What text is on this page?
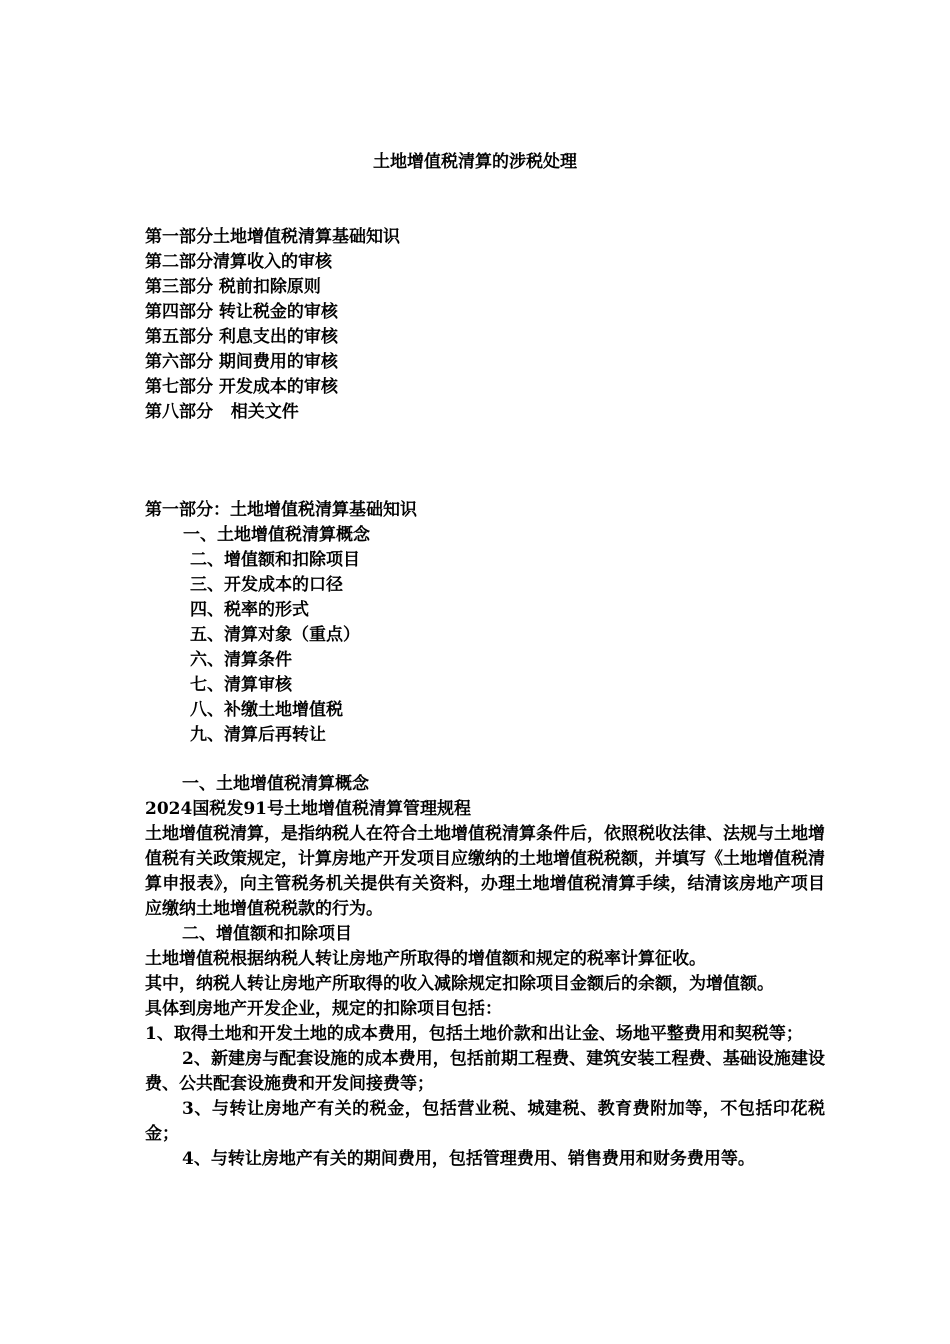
土地增值税清算的涉税处理
第一部分土地增值税清算基础知识
第二部分清算收入的审核
第三部分 税前扣除原则
第四部分 转让税金的审核
第五部分 利息支出的审核
第六部分 期间费用的审核
第七部分 开发成本的审核
第八部分   相关文件
第一部分：土地增值税清算基础知识
一、土地增值税清算概念
二、增值额和扣除项目
三、开发成本的口径
四、税率的形式
五、清算对象（重点）
六、清算条件
七、清算审核
八、补缴土地增值税
九、清算后再转让

一、土地增值税清算概念

2024国税发91号土地增值税清算管理规程

土地增值税清算，是指纳税人在符合土地增值税清算条件后，依照税收法律、法规与土地增值税有关政策规定，计算房地产开发项目应缴纳的土地增值税税额，并填写《土地增值税清算申报表》，向主管税务机关提供有关资料，办理土地增值税清算手续，结清该房地产项目应缴纳土地增值税税款的行为。

二、增值额和扣除项目

土地增值税根据纳税人转让房地产所取得的增值额和规定的税率计算征收。

其中，纳税人转让房地产所取得的收入减除规定扣除项目金额后的余额，为增值额。

具体到房地产开发企业，规定的扣除项目包括：

1、取得土地和开发土地的成本费用，包括土地价款和出让金、场地平整费用和契税等；

2、新建房与配套设施的成本费用，包括前期工程费、建筑安装工程费、基础设施建设费、公共配套设施费和开发间接费等；

3、与转让房地产有关的税金，包括营业税、城建税、教育费附加等，不包括印花税金；

4、与转让房地产有关的期间费用，包括管理费用、销售费用和财务费用等。
